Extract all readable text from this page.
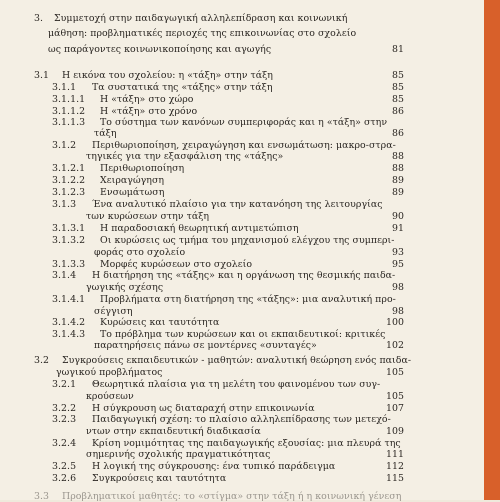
3. Συμμετοχή στην παιδαγωγική αλληλεπίδραση και κοινωνική
μάθηση: προβληματικές περιοχές της επικοινωνίας στο σχολείο
ως παράγοντες κοινωνικοποίησης και αγωγής	81
3.1 Η εικόνα του σχολείου: η «τάξη» στην τάξη	85
3.1.1 Τα συστατικά της «τάξης» στην τάξη	85
3.1.1.1 Η «τάξη» στο χώρο	85
3.1.1.2 Η «τάξη» στο χρόνο	86
3.1.1.3 Το σύστημα των κανόνων συμπεριφοράς και η «τάξη» στην
τάξη	86
3.1.2 Περιθωριοποίηση, χειραγώγηση και ενσωμάτωση: μακρο-στρα-
τηγικές για την εξασφάλιση της «τάξης»	88
3.1.2.1 Περιθωριοποίηση	88
3.1.2.2 Χειραγώγηση	89
3.1.2.3 Ενσωμάτωση	89
3.1.3 Ένα αναλυτικό πλαίσιο για την κατανόηση της λειτουργίας
των κυρώσεων στην τάξη	90
3.1.3.1 Η παραδοσιακή θεωρητική αντιμετώπιση	91
3.1.3.2 Οι κυρώσεις ως τμήμα του μηχανισμού ελέγχου της συμπερι-
φοράς στο σχολείο	93
3.1.3.3 Μορφές κυρώσεων στο σχολείο	95
3.1.4 Η διατήρηση της «τάξης» και η οργάνωση της θεσμικής παιδα-
γωγικής σχέσης	98
3.1.4.1 Προβλήματα στη διατήρηση της «τάξης»: μια αναλυτική προ-
σέγγιση	98
3.1.4.2 Κυρώσεις και ταυτότητα	100
3.1.4.3 Το πρόβλημα των κυρώσεων και οι εκπαιδευτικοί: κριτικές
παρατηρήσεις πάνω σε μοντέρνες «συνταγές»	102
3.2 Συγκρούσεις εκπαιδευτικών - μαθητών: αναλυτική θεώρηση ενός παιδα-
γωγικού προβλήματος	105
3.2.1 Θεωρητικά πλαίσια για τη μελέτη του φαινομένου των συγ-
κρούσεων	105
3.2.2 Η σύγκρουση ως διαταραχή στην επικοινωνία	107
3.2.3 Παιδαγωγική σχέση: το πλαίσιο αλληλεπίδρασης των μετεχό-
ντων στην εκπαιδευτική διαδικασία	109
3.2.4 Κρίση νομιμότητας της παιδαγωγικής εξουσίας: μια πλευρά της
σημερινής σχολικής πραγματικότητας	111
3.2.5 Η λογική της σύγκρουσης: ένα τυπικό παράδειγμα	112
3.2.6 Συγκρούσεις και ταυτότητα	115
3.3 Προβληματικοί μαθητές: το «στίγμα» στην τάξη ή η κοινωνική γένεση
